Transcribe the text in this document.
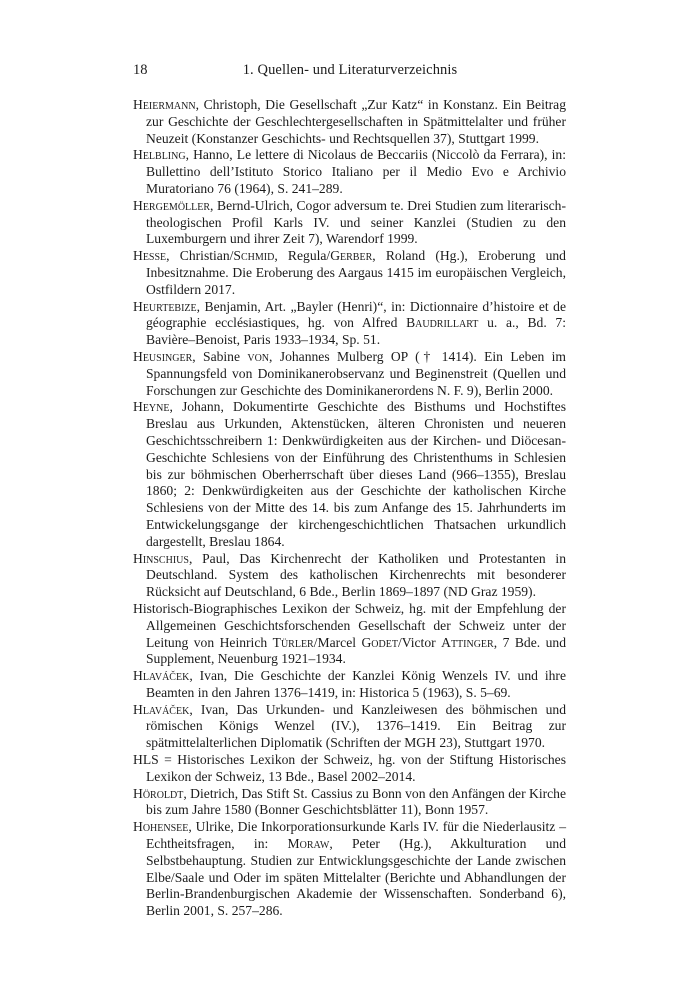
18	1. Quellen- und Literaturverzeichnis

Heiermann, Christoph, Die Gesellschaft „Zur Katz“ in Konstanz. Ein Beitrag zur Geschichte der Geschlechtergesellschaften in Spätmittelalter und früher Neuzeit (Konstanzer Geschichts- und Rechtsquellen 37), Stuttgart 1999.

Helbling, Hanno, Le lettere di Nicolaus de Beccariis (Niccolò da Ferrara), in: Bullettino dell’Istituto Storico Italiano per il Medio Evo e Archivio Muratoriano 76 (1964), S. 241–289.

Hergemöller, Bernd-Ulrich, Cogor adversum te. Drei Studien zum literarisch-theologischen Profil Karls IV. und seiner Kanzlei (Studien zu den Luxemburgern und ihrer Zeit 7), Warendorf 1999.

Hesse, Christian/Schmid, Regula/Gerber, Roland (Hg.), Eroberung und Inbesitznahme. Die Eroberung des Aargaus 1415 im europäischen Vergleich, Ostfildern 2017.

Heurtebize, Benjamin, Art. „Bayler (Henri)“, in: Dictionnaire d’histoire et de géographie ecclésiastiques, hg. von Alfred Baudrillart u. a., Bd. 7: Bavière–Benoist, Paris 1933–1934, Sp. 51.

Heusinger, Sabine von, Johannes Mulberg OP († 1414). Ein Leben im Spannungsfeld von Dominikanerobservanz und Beginenstreit (Quellen und Forschungen zur Geschichte des Dominikanerordens N. F. 9), Berlin 2000.

Heyne, Johann, Dokumentirte Geschichte des Bisthums und Hochstiftes Breslau aus Urkunden, Aktenstücken, älteren Chronisten und neueren Geschichtsschreibern 1: Denkwürdigkeiten aus der Kirchen- und Diöcesan-Geschichte Schlesiens von der Einführung des Christenthums in Schlesien bis zur böhmischen Oberherrschaft über dieses Land (966–1355), Breslau 1860; 2: Denkwürdigkeiten aus der Geschichte der katholischen Kirche Schlesiens von der Mitte des 14. bis zum Anfange des 15. Jahrhunderts im Entwickelungsgange der kirchengeschichtlichen Thatsachen urkundlich dargestellt, Breslau 1864.

Hinschius, Paul, Das Kirchenrecht der Katholiken und Protestanten in Deutschland. System des katholischen Kirchenrechts mit besonderer Rücksicht auf Deutschland, 6 Bde., Berlin 1869–1897 (ND Graz 1959).

Historisch-Biographisches Lexikon der Schweiz, hg. mit der Empfehlung der Allgemeinen Geschichtsforschenden Gesellschaft der Schweiz unter der Leitung von Heinrich Türler/Marcel Godet/Victor Attinger, 7 Bde. und Supplement, Neuenburg 1921–1934.

Hlaváček, Ivan, Die Geschichte der Kanzlei König Wenzels IV. und ihre Beamten in den Jahren 1376–1419, in: Historica 5 (1963), S. 5–69.

Hlaváček, Ivan, Das Urkunden- und Kanzleiwesen des böhmischen und römischen Königs Wenzel (IV.), 1376–1419. Ein Beitrag zur spätmittelalterlichen Diplomatik (Schriften der MGH 23), Stuttgart 1970.

HLS = Historisches Lexikon der Schweiz, hg. von der Stiftung Historisches Lexikon der Schweiz, 13 Bde., Basel 2002–2014.

Höroldt, Dietrich, Das Stift St. Cassius zu Bonn von den Anfängen der Kirche bis zum Jahre 1580 (Bonner Geschichtsblätter 11), Bonn 1957.

Hohensee, Ulrike, Die Inkorporationsurkunde Karls IV. für die Niederlausitz – Echtheitsfragen, in: Moraw, Peter (Hg.), Akkulturation und Selbstbehauptung. Studien zur Entwicklungsgeschichte der Lande zwischen Elbe/Saale und Oder im späten Mittelalter (Berichte und Abhandlungen der Berlin-Brandenburgischen Akademie der Wissenschaften. Sonderband 6), Berlin 2001, S. 257–286.
